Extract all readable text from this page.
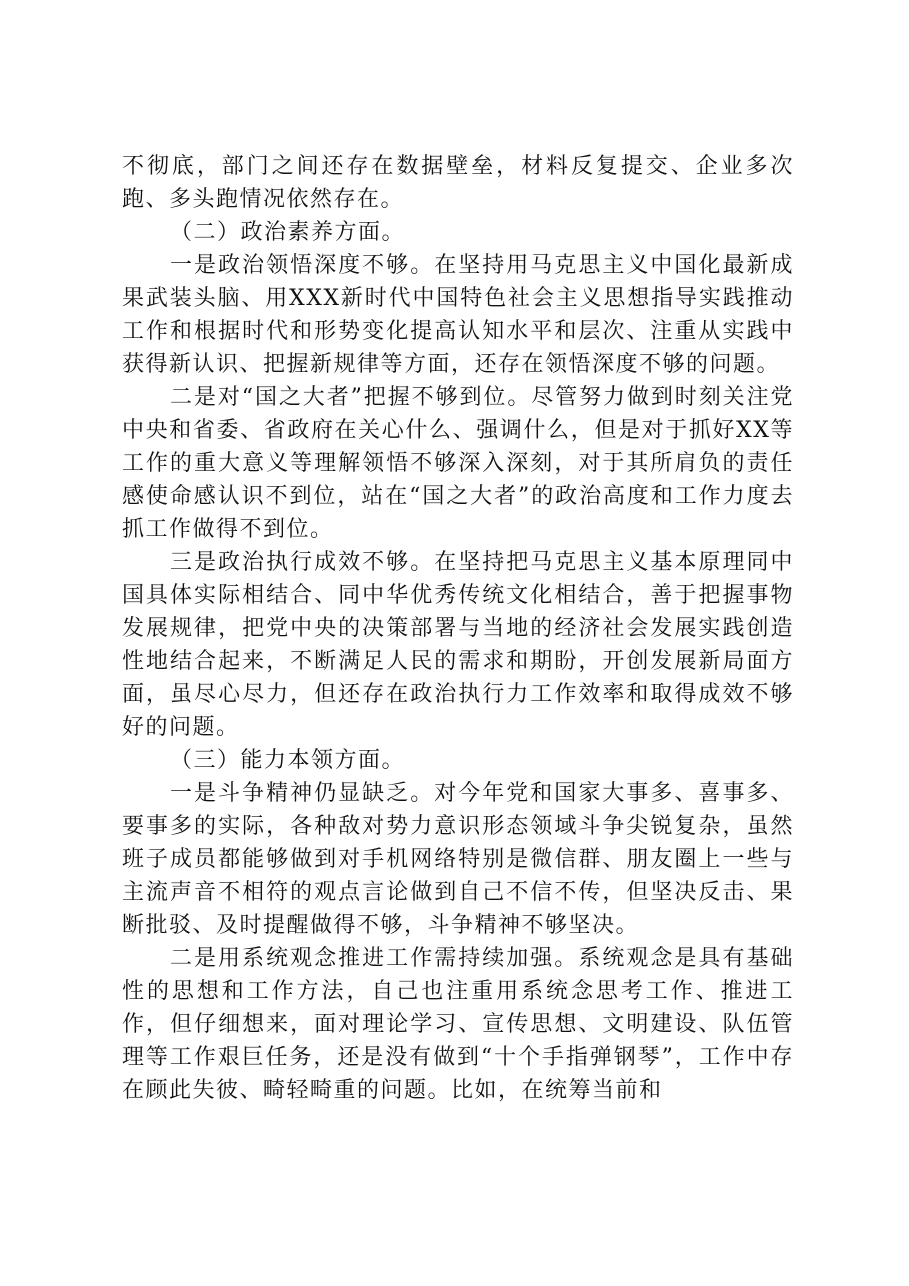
不彻底，部门之间还存在数据壁垒，材料反复提交、企业多次跑、多头跑情况依然存在。

（二）政治素养方面。

一是政治领悟深度不够。在坚持用马克思主义中国化最新成果武装头脑、用XXX新时代中国特色社会主义思想指导实践推动工作和根据时代和形势变化提高认知水平和层次、注重从实践中获得新认识、把握新规律等方面，还存在领悟深度不够的问题。

二是对“国之大者”把握不够到位。尽管努力做到时刻关注党中央和省委、省政府在关心什么、强调什么，但是对于抓好XX等工作的重大意义等理解领悟不够深入深刻，对于其所肩负的责任感使命感认识不到位，站在“国之大者”的政治高度和工作力度去抓工作做得不到位。

三是政治执行成效不够。在坚持把马克思主义基本原理同中国具体实际相结合、同中华优秀传统文化相结合，善于把握事物发展规律，把党中央的决策部署与当地的经济社会发展实践创造性地结合起来，不断满足人民的需求和期盼，开创发展新局面方面，虽尽心尽力，但还存在政治执行力工作效率和取得成效不够好的问题。

（三）能力本领方面。

一是斗争精神仍显缺乏。对今年党和国家大事多、喜事多、要事多的实际，各种敌对势力意识形态领域斗争尖锐复杂，虽然班子成员都能够做到对手机网络特别是微信群、朋友圈上一些与主流声音不相符的观点言论做到自己不信不传，但坚决反击、果断批驳、及时提醒做得不够，斗争精神不够坚决。

二是用系统观念推进工作需持续加强。系统观念是具有基础性的思想和工作方法，自己也注重用系统念思考工作、推进工作，但仔细想来，面对理论学习、宣传思想、文明建设、队伍管理等工作艰巨任务，还是没有做到“十个手指弹钢琴”，工作中存在顾此失彼、畸轻畸重的问题。比如，在统筹当前和
